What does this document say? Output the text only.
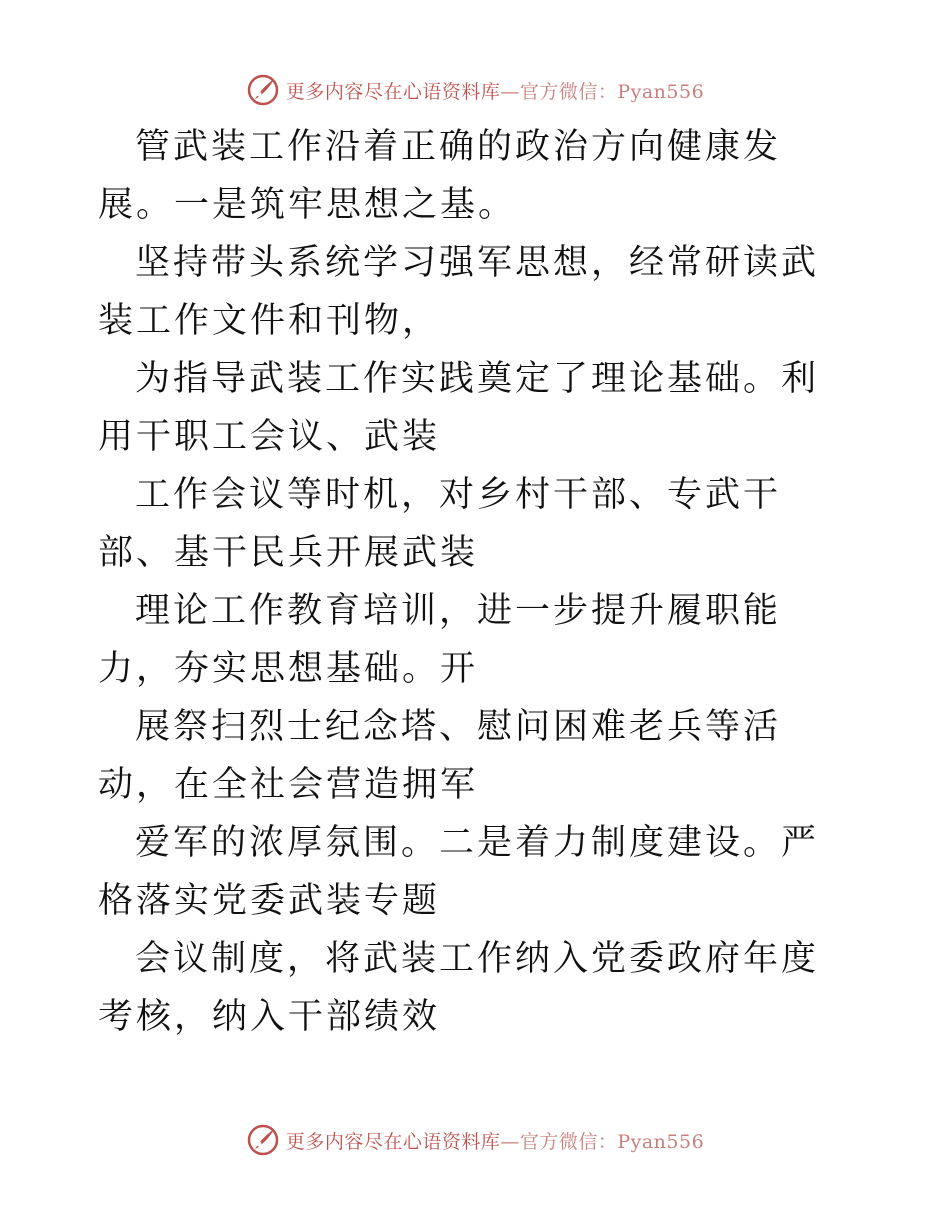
更多内容尽在心语资料库—官方微信：Pyan556

管武装工作沿着正确的政治方向健康发展。一是筑牢思想之基。

坚持带头系统学习强军思想，经常研读武装工作文件和刊物，

为指导武装工作实践奠定了理论基础。利用干职工会议、武装

工作会议等时机，对乡村干部、专武干部、基干民兵开展武装

理论工作教育培训，进一步提升履职能力，夯实思想基础。开

展祭扫烈士纪念塔、慰问困难老兵等活动，在全社会营造拥军

爱军的浓厚氛围。二是着力制度建设。严格落实党委武装专题

会议制度，将武装工作纳入党委政府年度考核，纳入干部绩效

更多内容尽在心语资料库—官方微信：Pyan556
